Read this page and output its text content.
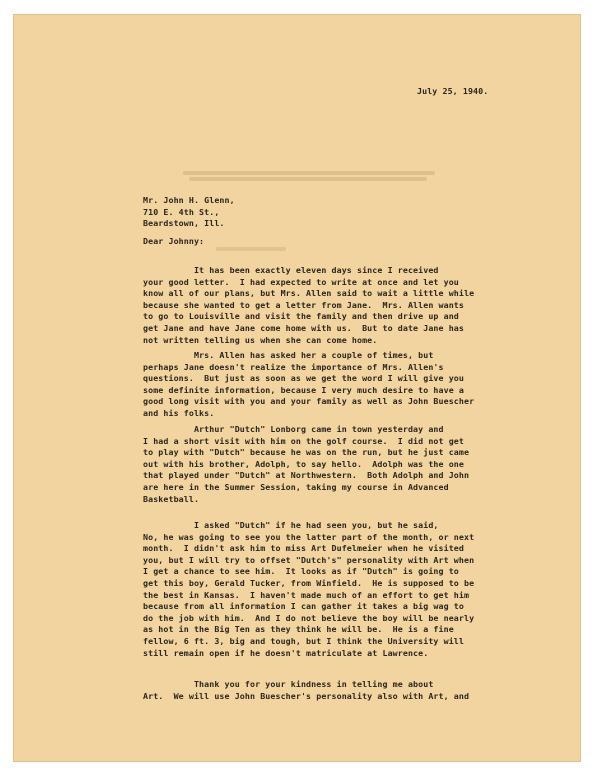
July 25, 1940.
Mr. John H. Glenn,
710 E. 4th St.,
Beardstown, Ill.
Dear Johnny:
It has been exactly eleven days since I received
your good letter.  I had expected to write at once and let you
know all of our plans, but Mrs. Allen said to wait a little while
because she wanted to get a letter from Jane.  Mrs. Allen wants
to go to Louisville and visit the family and then drive up and
get Jane and have Jane come home with us.  But to date Jane has
not written telling us when she can come home.
Mrs. Allen has asked her a couple of times, but
perhaps Jane doesn't realize the importance of Mrs. Allen's
questions.  But just as soon as we get the word I will give you
some definite information, because I very much desire to have a
good long visit with you and your family as well as John Buescher
and his folks.
Arthur "Dutch" Lonborg came in town yesterday and
I had a short visit with him on the golf course.  I did not get
to play with "Dutch" because he was on the run, but he just came
out with his brother, Adolph, to say hello.  Adolph was the one
that played under "Dutch" at Northwestern.  Both Adolph and John
are here in the Summer Session, taking my course in Advanced
Basketball.
I asked "Dutch" if he had seen you, but he said,
No, he was going to see you the latter part of the month, or next
month.  I didn't ask him to miss Art Dufelmeier when he visited
you, but I will try to offset "Dutch's" personality with Art when
I get a chance to see him.  It looks as if "Dutch" is going to
get this boy, Gerald Tucker, from Winfield.  He is supposed to be
the best in Kansas.  I haven't made much of an effort to get him
because from all information I can gather it takes a big wag to
do the job with him.  And I do not believe the boy will be nearly
as hot in the Big Ten as they think he will be.  He is a fine
fellow, 6 ft. 3, big and tough, but I think the University will
still remain open if he doesn't matriculate at Lawrence.
Thank you for your kindness in telling me about
Art.  We will use John Buescher's personality also with Art, and
